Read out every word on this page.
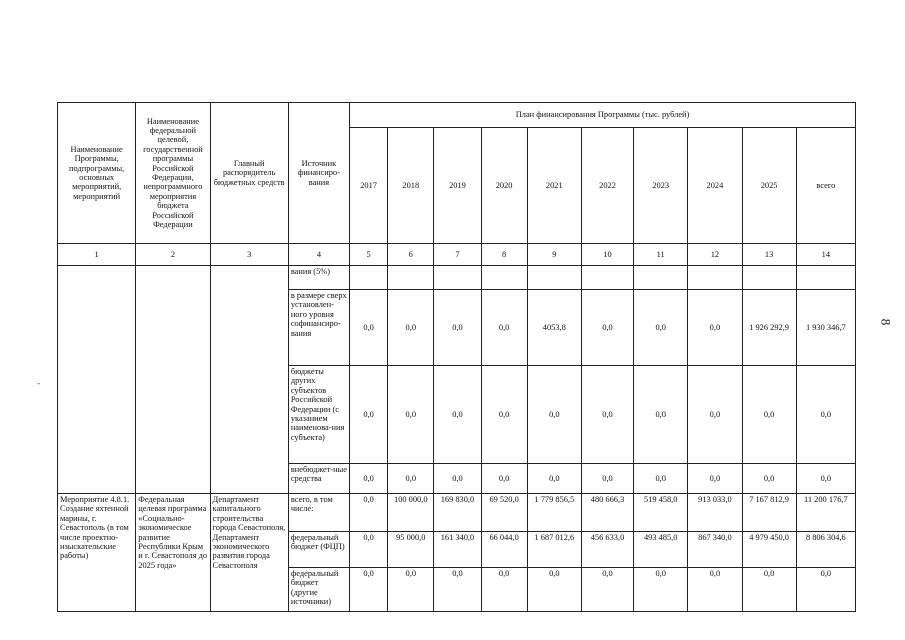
-
8
Наименование Программы, подпрограммы, основных мероприятий, мероприятий	Наименование федеральной целевой, государственной программы Российской Федерации, непрограммного мероприятия бюджета Российской Федерации	Главный распорядитель бюджетных средств	Источник финансиро-вания	План финансирования Программы (тыс. рублей)									
				2017	2018	2019	2020	2021	2022	2023	2024	2025	всего
1	2	3	4	5	6	7	8	9	10	11	12	13	14
			вания (5%)										
			в размере сверх установлен-ного уровня софинансиро-вания	0,0	0,0	0,0	0,0	4053,8	0,0	0,0	0,0	1 926 292,9	1 930 346,7
			бюджеты других субъектов Российской Федерации (с указанием наименова-ния субъекта)	0,0	0,0	0,0	0,0	0,0	0,0	0,0	0,0	0,0	0,0
			внебюджет-ные средства	0,0	0,0	0,0	0,0	0,0	0,0	0,0	0,0	0,0	0,0
Мероприятие 4.8.1. Создание яхтенной марины, г. Севастополь (в том числе проектно-изыскательские работы)	Федеральная целевая программа «Социально-экономическое развитие Республики Крым и г. Севастополя до 2025 года»	Департамент капитального строительства города Севастополя, Департамент экономического развития города Севастополя	всего, в том числе:	0,0	100 000,0	169 830,0	69 520,0	1 779 856,5	480 666,3	519 458,0	913 033,0	7 167 812,9	11 200 176,7
			федеральный бюджет (ФЦП)	0,0	95 000,0	161 340,0	66 044,0	1 687 012,6	456 633,0	493 485,0	867 340,0	4 979 450,0	8 806 304,6
			федеральный бюджет (другие источники)	0,0	0,0	0,0	0,0	0,0	0,0	0,0	0,0	0,0	0,0
